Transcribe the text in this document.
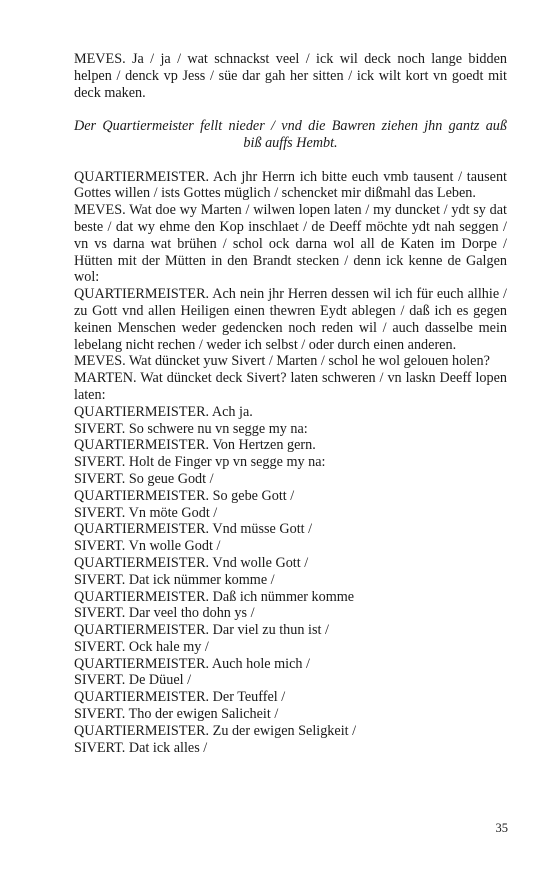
MEVES. Ja / ja / wat schnackst veel / ick wil deck noch lange bidden helpen / denck vp Jess / süe dar gah her sitten / ick wilt kort vn goedt mit deck maken.

Der Quartiermeister fellt nieder / vnd die Bawren ziehen jhn gantz auß
biß auffs Hembt.

QUARTIERMEISTER. Ach jhr Herrn ich bitte euch vmb tausent / tausent Gottes willen / ists Gottes müglich / schencket mir dißmahl das Leben.

MEVES. Wat doe wy Marten / wilwen lopen laten / my duncket / ydt sy dat beste / dat wy ehme den Kop inschlaet / de Deeff möchte ydt nah seggen / vn vs darna wat brühen / schol ock darna wol all de Katen im Dorpe / Hütten mit der Mütten in den Brandt stecken / denn ick kenne de Galgen wol:

QUARTIERMEISTER. Ach nein jhr Herren dessen wil ich für euch allhie / zu Gott vnd allen Heiligen einen thewren Eydt ablegen / daß ich es gegen keinen Menschen weder gedencken noch reden wil / auch dasselbe mein lebelang nicht rechen / weder ich selbst / oder durch einen anderen.

MEVES. Wat düncket yuw Sivert / Marten / schol he wol gelouen holen?

MARTEN. Wat düncket deck Sivert? laten schweren / vn laskn Deeff lopen laten:

QUARTIERMEISTER. Ach ja.

SIVERT. So schwere nu vn segge my na:

QUARTIERMEISTER. Von Hertzen gern.

SIVERT. Holt de Finger vp vn segge my na:

SIVERT. So geue Godt /

QUARTIERMEISTER. So gebe Gott /

SIVERT. Vn möte Godt /

QUARTIERMEISTER. Vnd müsse Gott /

SIVERT. Vn wolle Godt /

QUARTIERMEISTER. Vnd wolle Gott /

SIVERT. Dat ick nümmer komme /

QUARTIERMEISTER. Daß ich nümmer komme

SIVERT. Dar veel tho dohn ys /

QUARTIERMEISTER. Dar viel zu thun ist /

SIVERT. Ock hale my /

QUARTIERMEISTER. Auch hole mich /

SIVERT. De Düuel /

QUARTIERMEISTER. Der Teuffel /

SIVERT. Tho der ewigen Salicheit /

QUARTIERMEISTER. Zu der ewigen Seligkeit /

SIVERT. Dat ick alles /

35
